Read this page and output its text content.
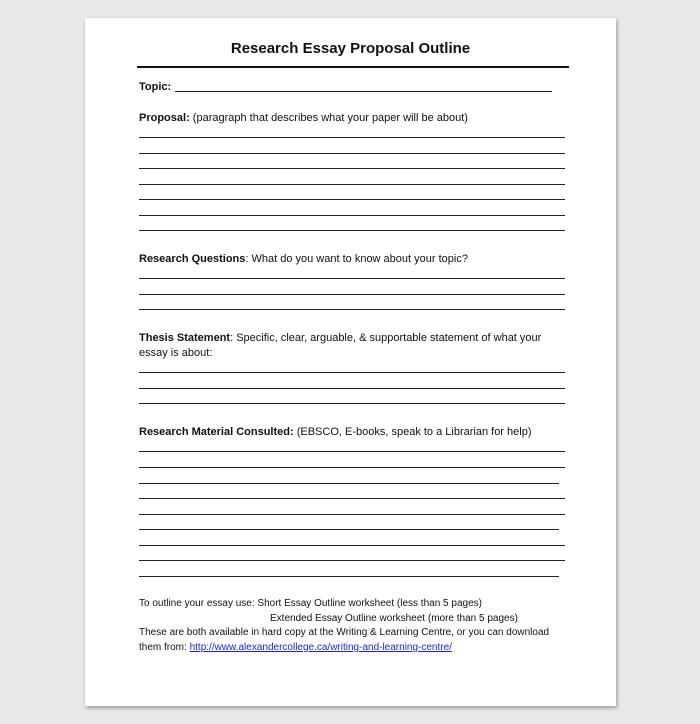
Research Essay Proposal Outline
Topic:
Proposal: (paragraph that describes what your paper will be about)
Research Questions: What do you want to know about your topic?
Thesis Statement: Specific, clear, arguable, & supportable statement of what your
essay is about:
Research Material Consulted: (EBSCO, E-books, speak to a Librarian for help)
To outline your essay use: Short Essay Outline worksheet (less than 5 pages)
Extended Essay Outline worksheet (more than 5 pages)
These are both available in hard copy at the Writing & Learning Centre, or you can download
them from: http://www.alexandercollege.ca/writing-and-learning-centre/
